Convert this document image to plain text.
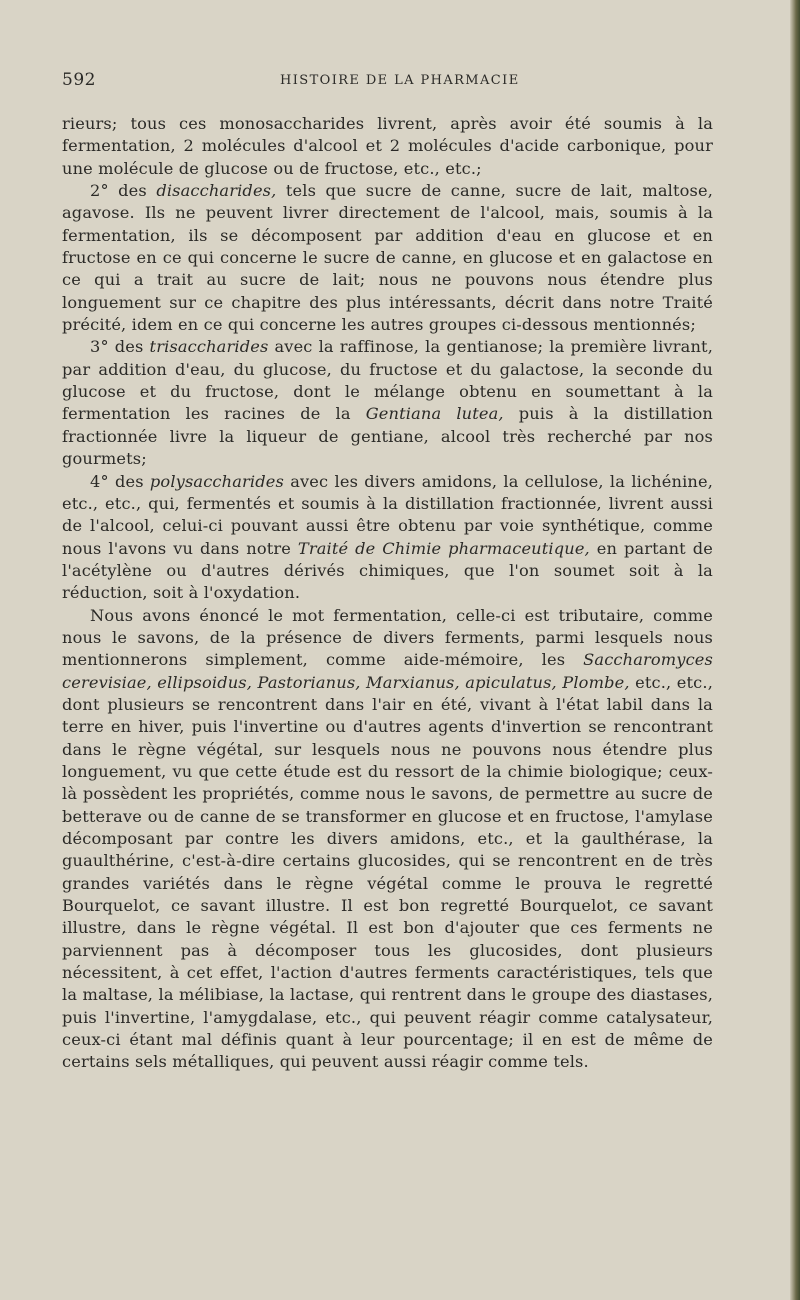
592	HISTOIRE DE LA PHARMACIE

rieurs; tous ces monosaccharides livrent, après avoir été soumis à la fermentation, 2 molécules d'alcool et 2 molécules d'acide carbonique, pour une molécule de glucose ou de fructose, etc., etc.;

2° des disaccharides, tels que sucre de canne, sucre de lait, maltose, agavose. Ils ne peuvent livrer directement de l'alcool, mais, soumis à la fermentation, ils se décomposent par addition d'eau en glucose et en fructose en ce qui concerne le sucre de canne, en glucose et en galactose en ce qui a trait au sucre de lait; nous ne pouvons nous étendre plus longuement sur ce chapitre des plus intéressants, décrit dans notre Traité précité, idem en ce qui concerne les autres groupes ci-dessous mentionnés;

3° des trisaccharides avec la raffinose, la gentianose; la première livrant, par addition d'eau, du glucose, du fructose et du galactose, la seconde du glucose et du fructose, dont le mélange obtenu en soumettant à la fermentation les racines de la Gentiana lutea, puis à la distillation fractionnée livre la liqueur de gentiane, alcool très recherché par nos gourmets;

4° des polysaccharides avec les divers amidons, la cellulose, la lichénine, etc., etc., qui, fermentés et soumis à la distillation fractionnée, livrent aussi de l'alcool, celui-ci pouvant aussi être obtenu par voie synthétique, comme nous l'avons vu dans notre Traité de Chimie pharmaceutique, en partant de l'acétylène ou d'autres dérivés chimiques, que l'on soumet soit à la réduction, soit à l'oxydation.

Nous avons énoncé le mot fermentation, celle-ci est tributaire, comme nous le savons, de la présence de divers ferments, parmi lesquels nous mentionnerons simplement, comme aide-mémoire, les Saccharomyces cerevisiae, ellipsoidus, Pastorianus, Marxianus, apiculatus, Plombe, etc., etc., dont plusieurs se rencontrent dans l'air en été, vivant à l'état labil dans la terre en hiver, puis l'invertine ou d'autres agents d'invertion se rencontrant dans le règne végétal, sur lesquels nous ne pouvons nous étendre plus longuement, vu que cette étude est du ressort de la chimie biologique; ceux-là possèdent les propriétés, comme nous le savons, de permettre au sucre de betterave ou de canne de se transformer en glucose et en fructose, l'amylase décomposant par contre les divers amidons, etc., et la gaulthérase, la guaulthérine, c'est-à-dire certains glucosides, qui se rencontrent en de très grandes variétés dans le règne végétal comme le prouva le regretté Bourquelot, ce savant illustre. Il est bon regretté Bourquelot, ce savant illustre, dans le règne végétal. Il est bon d'ajouter que ces ferments ne parviennent pas à décomposer tous les glucosides, dont plusieurs nécessitent, à cet effet, l'action d'autres ferments caractéristiques, tels que la maltase, la mélibiase, la lactase, qui rentrent dans le groupe des diastases, puis l'invertine, l'amygdalase, etc., qui peuvent réagir comme catalysateur, ceux-ci étant mal définis quant à leur pourcentage; il en est de même de certains sels métalliques, qui peuvent aussi réagir comme tels.
